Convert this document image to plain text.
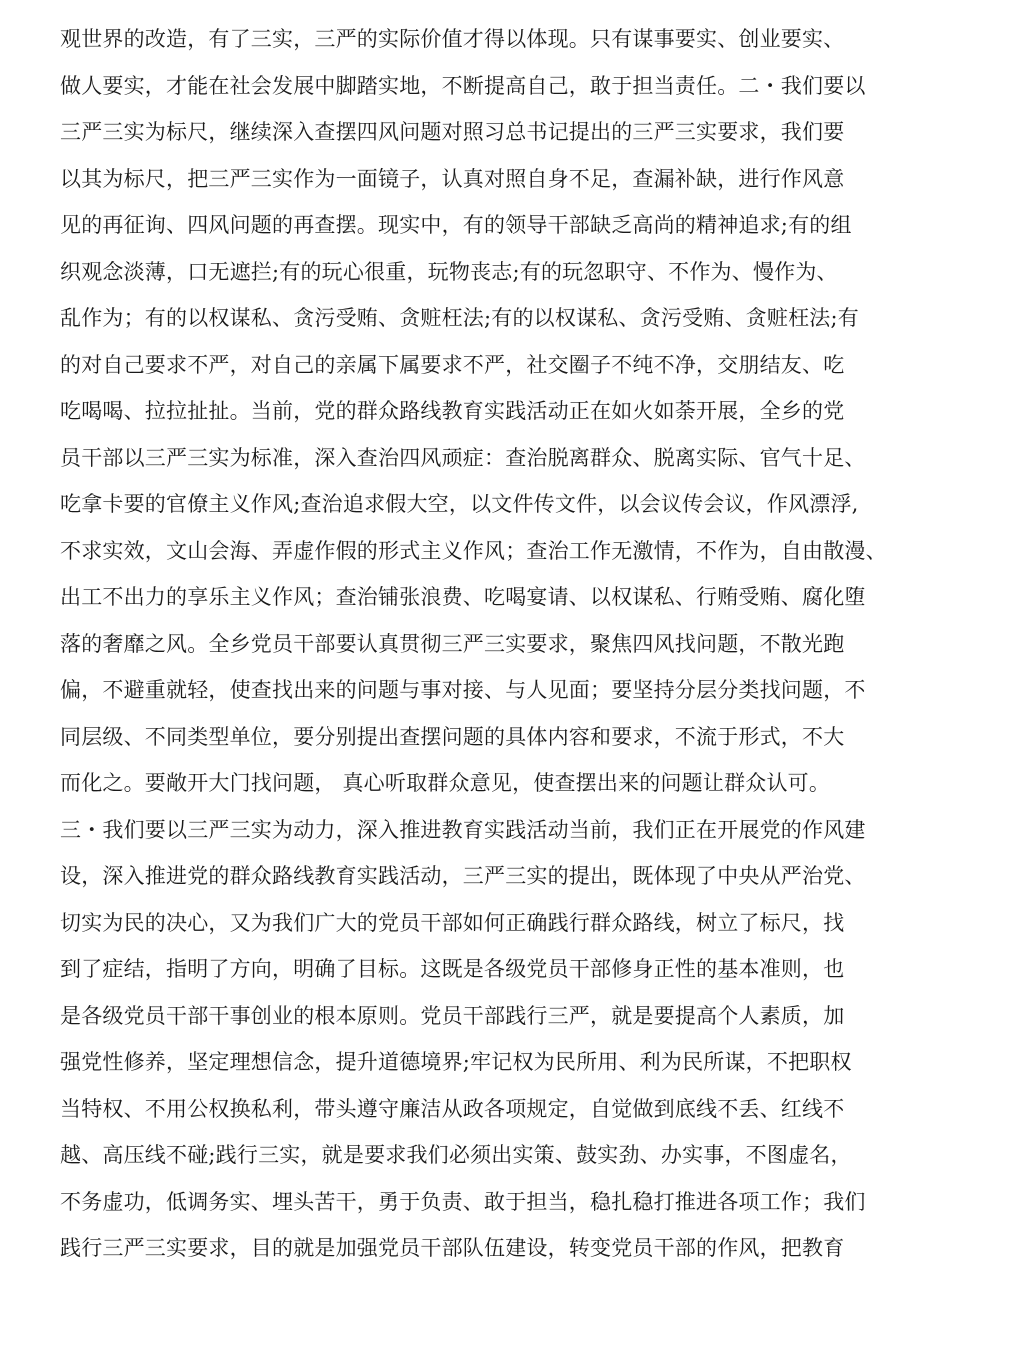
观世界的改造，有了三实，三严的实际价值才得以体现。只有谋事要实、创业要实、
做人要实，才能在社会发展中脚踏实地，不断提高自己，敢于担当责任。二・我们要以
三严三实为标尺，继续深入查摆四风问题对照习总书记提出的三严三实要求，我们要
以其为标尺，把三严三实作为一面镜子，认真对照自身不足，查漏补缺，进行作风意
见的再征询、四风问题的再查摆。现实中，有的领导干部缺乏高尚的精神追求;有的组
织观念淡薄，口无遮拦;有的玩心很重，玩物丧志;有的玩忽职守、不作为、慢作为、
乱作为；有的以权谋私、贪污受贿、贪赃枉法;有的以权谋私、贪污受贿、贪赃枉法;有
的对自己要求不严，对自己的亲属下属要求不严，社交圈子不纯不净，交朋结友、吃
吃喝喝、拉拉扯扯。当前，党的群众路线教育实践活动正在如火如荼开展，全乡的党
员干部以三严三实为标准，深入查治四风顽症：查治脱离群众、脱离实际、官气十足、
吃拿卡要的官僚主义作风;查治追求假大空，以文件传文件，以会议传会议，作风漂浮,
不求实效，文山会海、弄虚作假的形式主义作风；查治工作无激情，不作为，自由散漫、
出工不出力的享乐主义作风；查治铺张浪费、吃喝宴请、以权谋私、行贿受贿、腐化堕
落的奢靡之风。全乡党员干部要认真贯彻三严三实要求，聚焦四风找问题，不散光跑
偏，不避重就轻，使查找出来的问题与事对接、与人见面；要坚持分层分类找问题，不
同层级、不同类型单位，要分别提出查摆问题的具体内容和要求，不流于形式，不大
而化之。要敞开大门找问题， 真心听取群众意见，使查摆出来的问题让群众认可。
三・我们要以三严三实为动力，深入推进教育实践活动当前，我们正在开展党的作风建
设，深入推进党的群众路线教育实践活动，三严三实的提出，既体现了中央从严治党、
切实为民的决心，又为我们广大的党员干部如何正确践行群众路线，树立了标尺，找
到了症结，指明了方向，明确了目标。这既是各级党员干部修身正性的基本准则，也
是各级党员干部干事创业的根本原则。党员干部践行三严，就是要提高个人素质，加
强党性修养，坚定理想信念，提升道德境界;牢记权为民所用、利为民所谋，不把职权
当特权、不用公权换私利，带头遵守廉洁从政各项规定，自觉做到底线不丢、红线不
越、高压线不碰;践行三实，就是要求我们必须出实策、鼓实劲、办实事，不图虚名，
不务虚功，低调务实、埋头苦干，勇于负责、敢于担当，稳扎稳打推进各项工作；我们
践行三严三实要求，目的就是加强党员干部队伍建设，转变党员干部的作风，把教育
